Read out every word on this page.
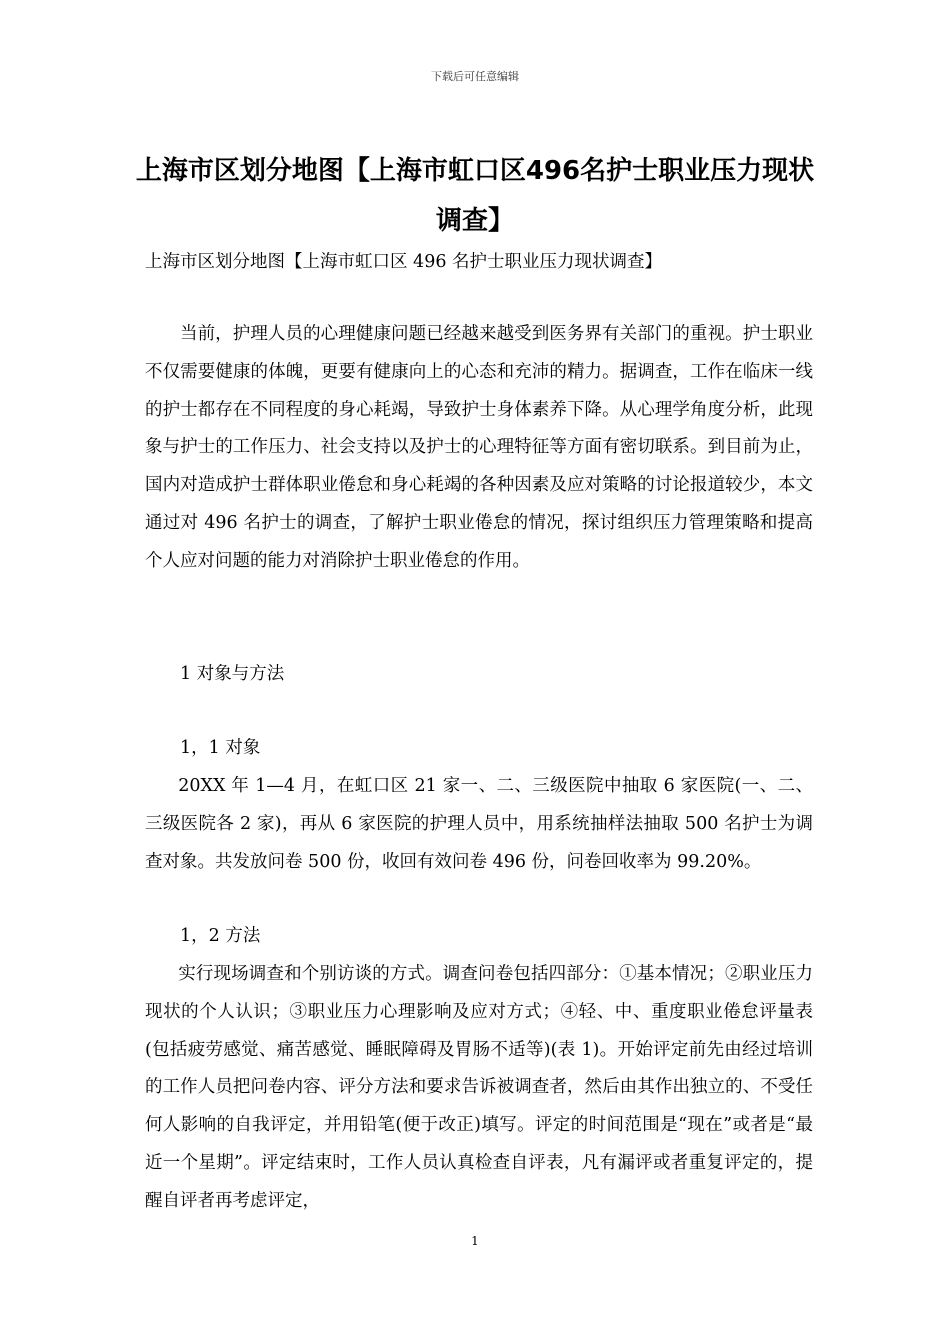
下载后可任意编辑
上海市区划分地图【上海市虹口区496名护士职业压力现状调查】

上海市区划分地图【上海市虹口区 496 名护士职业压力现状调查】

当前，护理人员的心理健康问题已经越来越受到医务界有关部门的重视。护士职业不仅需要健康的体魄，更要有健康向上的心态和充沛的精力。据调查，工作在临床一线的护士都存在不同程度的身心耗竭，导致护士身体素养下降。从心理学角度分析，此现象与护士的工作压力、社会支持以及护士的心理特征等方面有密切联系。到目前为止，国内对造成护士群体职业倦怠和身心耗竭的各种因素及应对策略的讨论报道较少，本文通过对 496 名护士的调查，了解护士职业倦怠的情况，探讨组织压力管理策略和提高个人应对问题的能力对消除护士职业倦怠的作用。

1 对象与方法

1，1 对象

20XX 年 1—4 月，在虹口区 21 家一、二、三级医院中抽取 6 家医院(一、二、三级医院各 2 家)，再从 6 家医院的护理人员中，用系统抽样法抽取 500 名护士为调查对象。共发放问卷 500 份，收回有效问卷 496 份，问卷回收率为 99.20%。

1，2 方法

实行现场调查和个别访谈的方式。调查问卷包括四部分：①基本情况；②职业压力现状的个人认识；③职业压力心理影响及应对方式；④轻、中、重度职业倦怠评量表(包括疲劳感觉、痛苦感觉、睡眠障碍及胃肠不适等)(表 1)。开始评定前先由经过培训的工作人员把问卷内容、评分方法和要求告诉被调查者，然后由其作出独立的、不受任何人影响的自我评定，并用铅笔(便于改正)填写。评定的时间范围是“现在”或者是“最近一个星期”。评定结束时，工作人员认真检查自评表，凡有漏评或者重复评定的，提醒自评者再考虑评定，

1
